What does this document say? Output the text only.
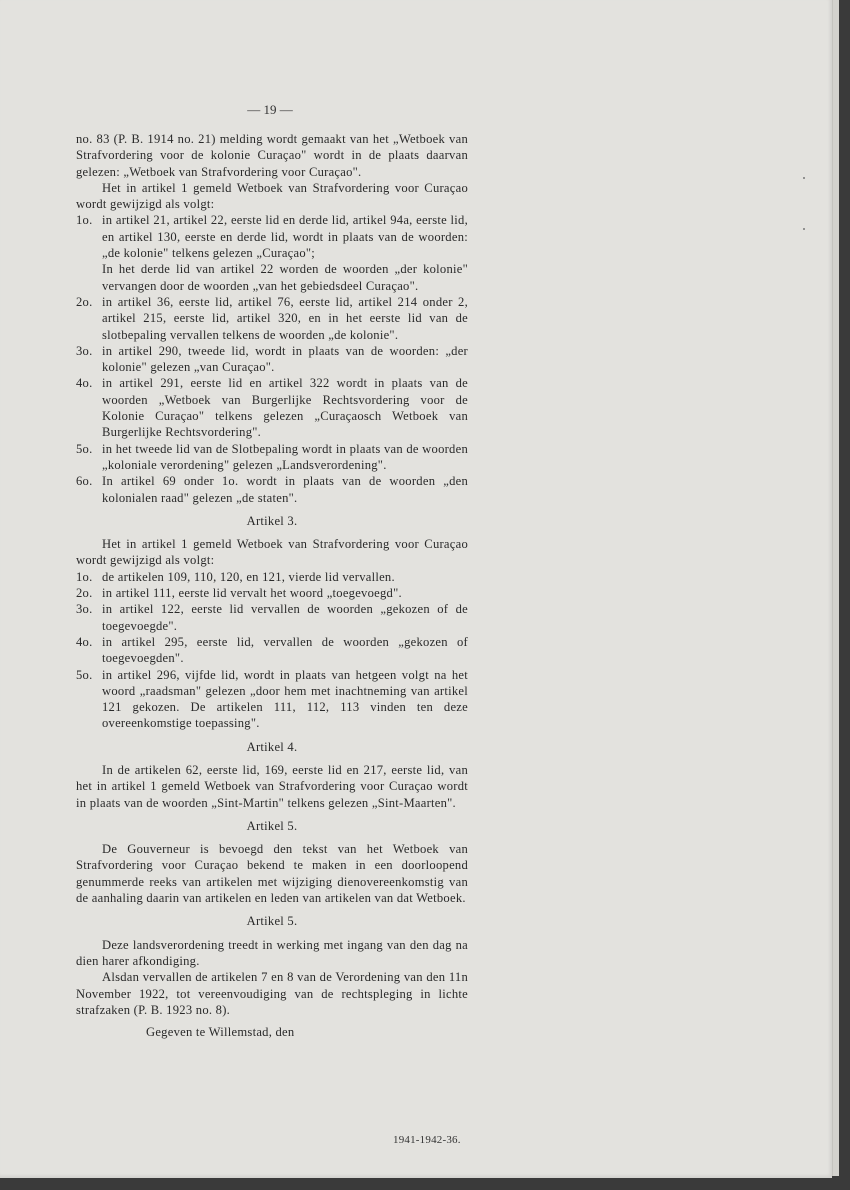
— 19 —
no. 83 (P. B. 1914 no. 21) melding wordt gemaakt van het „Wetboek van Strafvordering voor de kolonie Curaçao" wordt in de plaats daarvan gelezen: „Wetboek van Strafvordering voor Curaçao".
Het in artikel 1 gemeld Wetboek van Strafvordering voor Curaçao wordt gewijzigd als volgt:
1o. in artikel 21, artikel 22, eerste lid en derde lid, artikel 94a, eerste lid, en artikel 130, eerste en derde lid, wordt in plaats van de woorden: „de kolonie" telkens gelezen „Curaçao";
In het derde lid van artikel 22 worden de woorden „der kolonie" vervangen door de woorden „van het gebiedsdeel Curaçao".
2o. in artikel 36, eerste lid, artikel 76, eerste lid, artikel 214 onder 2, artikel 215, eerste lid, artikel 320, en in het eerste lid van de slotbepaling vervallen telkens de woorden „de kolonie".
3o. in artikel 290, tweede lid, wordt in plaats van de woorden: „der kolonie" gelezen „van Curaçao".
4o. in artikel 291, eerste lid en artikel 322 wordt in plaats van de woorden „Wetboek van Burgerlijke Rechtsvordering voor de Kolonie Curaçao" telkens gelezen „Curaçaosch Wetboek van Burgerlijke Rechtsvordering".
5o. in het tweede lid van de Slotbepaling wordt in plaats van de woorden „koloniale verordening" gelezen „Landsverordening".
6o. In artikel 69 onder 1o. wordt in plaats van de woorden „den kolonialen raad" gelezen „de staten".
Artikel 3.
Het in artikel 1 gemeld Wetboek van Strafvordering voor Curaçao wordt gewijzigd als volgt:
1o. de artikelen 109, 110, 120, en 121, vierde lid vervallen.
2o. in artikel 111, eerste lid vervalt het woord „toegevoegd".
3o. in artikel 122, eerste lid vervallen de woorden „gekozen of de toegevoegde".
4o. in artikel 295, eerste lid, vervallen de woorden „gekozen of toegevoegden".
5o. in artikel 296, vijfde lid, wordt in plaats van hetgeen volgt na het woord „raadsman" gelezen „door hem met inachtneming van artikel 121 gekozen. De artikelen 111, 112, 113 vinden ten deze overeenkomstige toepassing".
Artikel 4.
In de artikelen 62, eerste lid, 169, eerste lid en 217, eerste lid, van het in artikel 1 gemeld Wetboek van Strafvordering voor Curaçao wordt in plaats van de woorden „Sint-Martin" telkens gelezen „Sint-Maarten".
Artikel 5.
De Gouverneur is bevoegd den tekst van het Wetboek van Strafvordering voor Curaçao bekend te maken in een doorloopend genummerde reeks van artikelen met wijziging dienovereenkomstig van de aanhaling daarin van artikelen en leden van artikelen van dat Wetboek.
Artikel 5.
Deze landsverordening treedt in werking met ingang van den dag na dien harer afkondiging.
Alsdan vervallen de artikelen 7 en 8 van de Verordening van den 11n November 1922, tot vereenvoudiging van de rechtspleging in lichte strafzaken (P. B. 1923 no. 8).
Gegeven te Willemstad, den
1941-1942-36.
